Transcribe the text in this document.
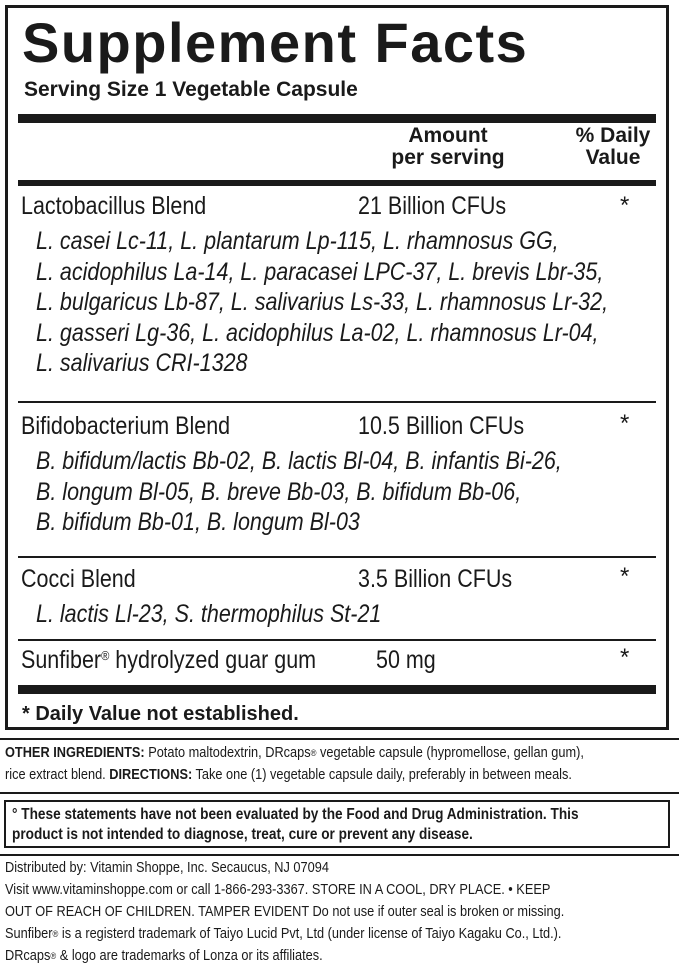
Supplement Facts
Serving Size 1 Vegetable Capsule
Amount
per serving
% Daily
Value
Lactobacillus Blend	21 Billion CFUs	*
L. casei Lc-11, L. plantarum Lp-115, L. rhamnosus GG,
L. acidophilus La-14, L. paracasei LPC-37, L. brevis Lbr-35,
L. bulgaricus Lb-87, L. salivarius Ls-33, L. rhamnosus Lr-32,
L. gasseri Lg-36, L. acidophilus La-02, L. rhamnosus Lr-04,
L. salivarius CRI-1328
Bifidobacterium Blend	10.5 Billion CFUs	*
B. bifidum/lactis Bb-02, B. lactis Bl-04, B. infantis Bi-26,
B. longum Bl-05, B. breve Bb-03, B. bifidum Bb-06,
B. bifidum Bb-01, B. longum Bl-03
Cocci Blend	3.5 Billion CFUs	*
L. lactis Ll-23, S. thermophilus St-21
Sunfiber® hydrolyzed guar gum 50 mg	*
* Daily Value not established.
OTHER INGREDIENTS: Potato maltodextrin, DRcaps® vegetable capsule (hypromellose, gellan gum),
rice extract blend. DIRECTIONS: Take one (1) vegetable capsule daily, preferably in between meals.
° These statements have not been evaluated by the Food and Drug Administration. This
product is not intended to diagnose, treat, cure or prevent any disease.
Distributed by: Vitamin Shoppe, Inc. Secaucus, NJ 07094
Visit www.vitaminshoppe.com or call 1-866-293-3367. STORE IN A COOL, DRY PLACE. • KEEP
OUT OF REACH OF CHILDREN. TAMPER EVIDENT Do not use if outer seal is broken or missing.
Sunfiber® is a registerd trademark of Taiyo Lucid Pvt, Ltd (under license of Taiyo Kagaku Co., Ltd.).
DRcaps® & logo are trademarks of Lonza or its affiliates.
